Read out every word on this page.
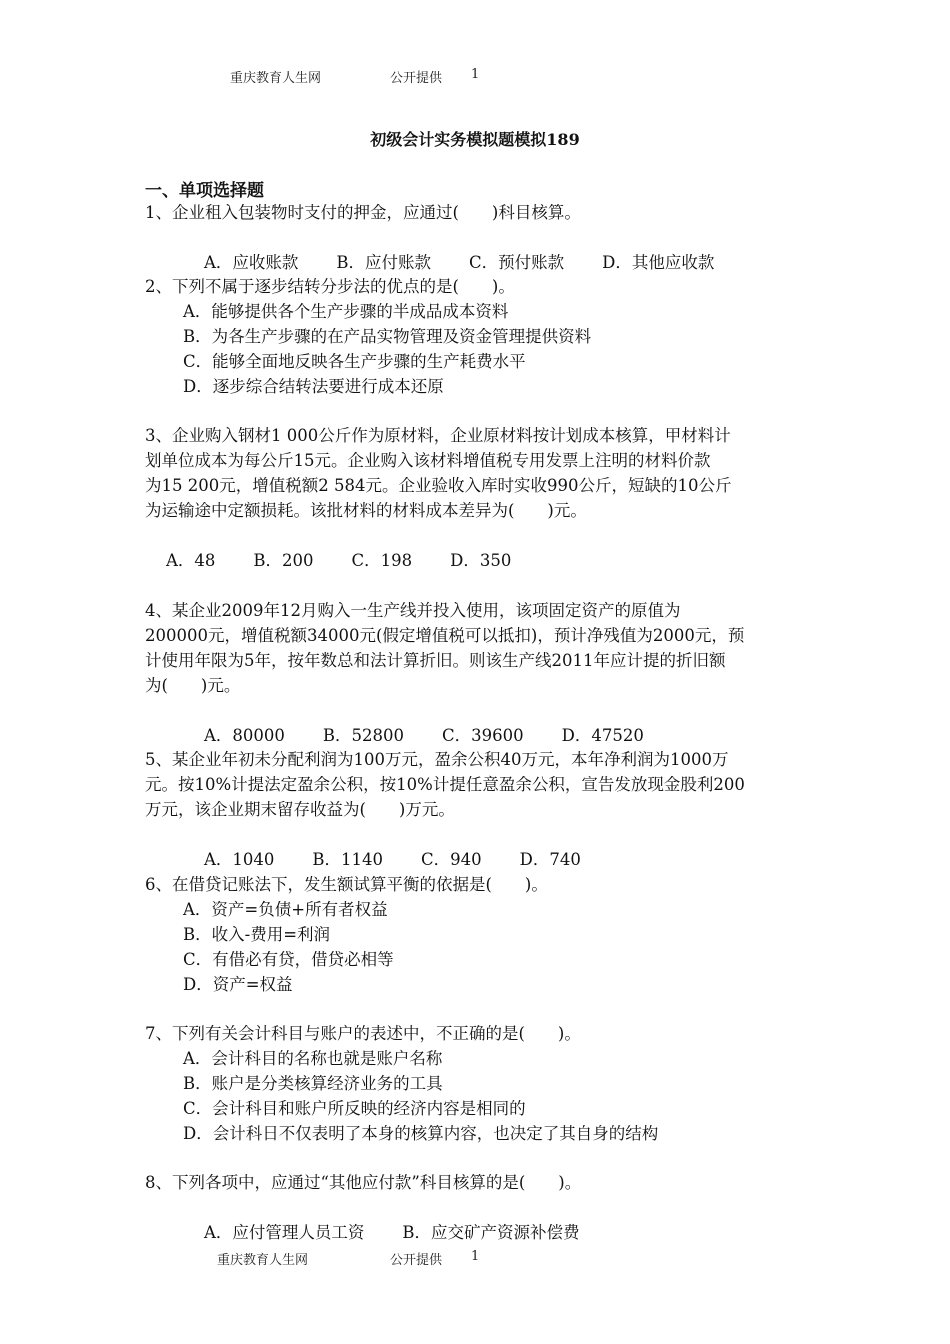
重庆教育人生网	公开提供 1
初级会计实务模拟题模拟189
一、单项选择题
1、企业租入包装物时支付的押金，应通过(　　)科目核算。

A．应收账款 B．应付账款 C．预付账款 D．其他应收款

2、下列不属于逐步结转分步法的优点的是(　　)。
A．能够提供各个生产步骤的半成品成本资料
B．为各生产步骤的在产品实物管理及资金管理提供资料
C．能够全面地反映各生产步骤的生产耗费水平
D．逐步综合结转法要进行成本还原
3、企业购入钢材1 000公斤作为原材料，企业原材料按计划成本核算，甲材料计
划单位成本为每公斤15元。企业购入该材料增值税专用发票上注明的材料价款
为15 200元，增值税额2 584元。企业验收入库时实收990公斤，短缺的10公斤
为运输途中定额损耗。该批材料的材料成本差异为(　　)元。

A．48 B．200 C．198 D．350

4、某企业2009年12月购入一生产线并投入使用，该项固定资产的原值为
200000元，增值税额34000元(假定增值税可以抵扣)，预计净残值为2000元，预
计使用年限为5年，按年数总和法计算折旧。则该生产线2011年应计提的折旧额
为(　　)元。

A．80000 B．52800 C．39600 D．47520

5、某企业年初未分配利润为100万元，盈余公积40万元，本年净利润为1000万
元。按10%计提法定盈余公积，按10%计提任意盈余公积，宣告发放现金股利200
万元，该企业期末留存收益为(　　)万元。

A．1040 B．1140 C．940 D．740

6、在借贷记账法下，发生额试算平衡的依据是(　　)。
A．资产=负债+所有者权益
B．收入-费用=利润
C．有借必有贷，借贷必相等
D．资产=权益
7、下列有关会计科目与账户的表述中，不正确的是(　　)。
A．会计科目的名称也就是账户名称
B．账户是分类核算经济业务的工具
C．会计科目和账户所反映的经济内容是相同的
D．会计科日不仅表明了本身的核算内容，也决定了其自身的结构
8、下列各项中，应通过“其他应付款”科目核算的是(　　)。

A．应付管理人员工资 B．应交矿产资源补偿费

重庆教育人生网	公开提供 1
